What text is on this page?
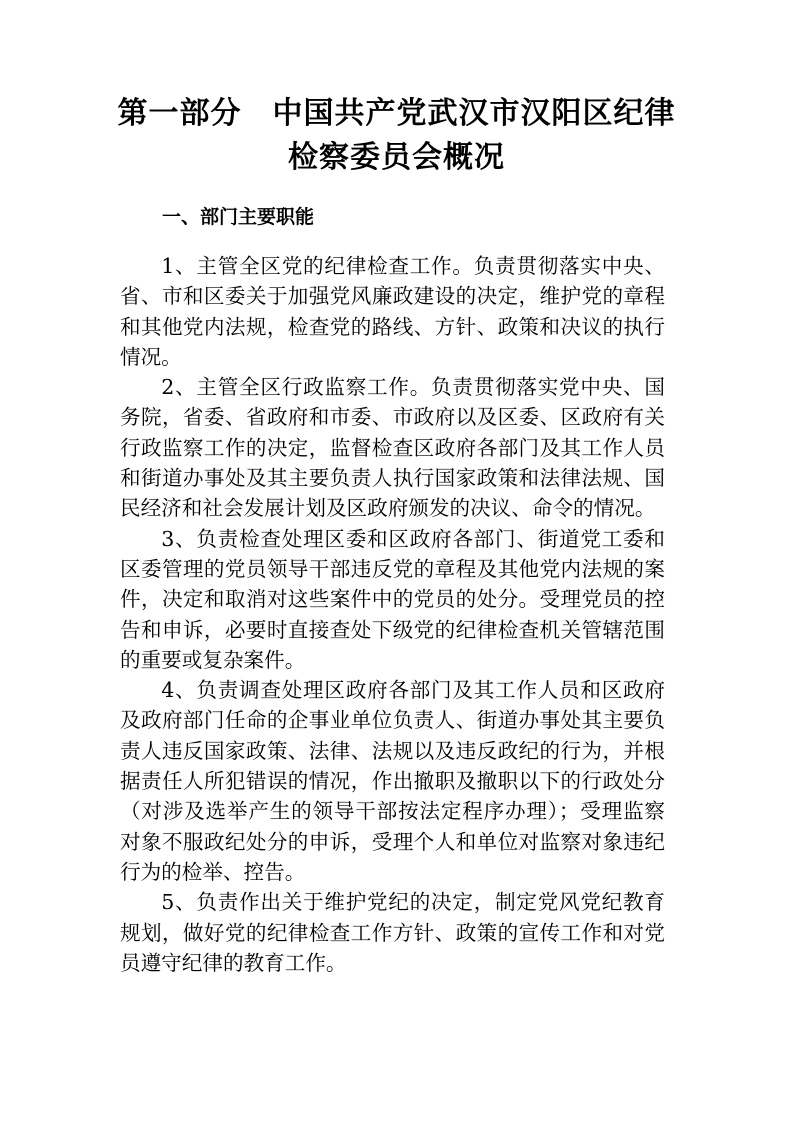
第一部分　中国共产党武汉市汉阳区纪律
检察委员会概况
一、部门主要职能

1、主管全区党的纪律检查工作。负责贯彻落实中央、省、市和区委关于加强党风廉政建设的决定，维护党的章程和其他党内法规，检查党的路线、方针、政策和决议的执行情况。

2、主管全区行政监察工作。负责贯彻落实党中央、国务院，省委、省政府和市委、市政府以及区委、区政府有关行政监察工作的决定，监督检查区政府各部门及其工作人员和街道办事处及其主要负责人执行国家政策和法律法规、国民经济和社会发展计划及区政府颁发的决议、命令的情况。

3、负责检查处理区委和区政府各部门、街道党工委和区委管理的党员领导干部违反党的章程及其他党内法规的案件，决定和取消对这些案件中的党员的处分。受理党员的控告和申诉，必要时直接查处下级党的纪律检查机关管辖范围的重要或复杂案件。

4、负责调查处理区政府各部门及其工作人员和区政府及政府部门任命的企事业单位负责人、街道办事处其主要负责人违反国家政策、法律、法规以及违反政纪的行为，并根据责任人所犯错误的情况，作出撤职及撤职以下的行政处分（对涉及选举产生的领导干部按法定程序办理）；受理监察对象不服政纪处分的申诉，受理个人和单位对监察对象违纪行为的检举、控告。

5、负责作出关于维护党纪的决定，制定党风党纪教育规划，做好党的纪律检查工作方针、政策的宣传工作和对党员遵守纪律的教育工作。
